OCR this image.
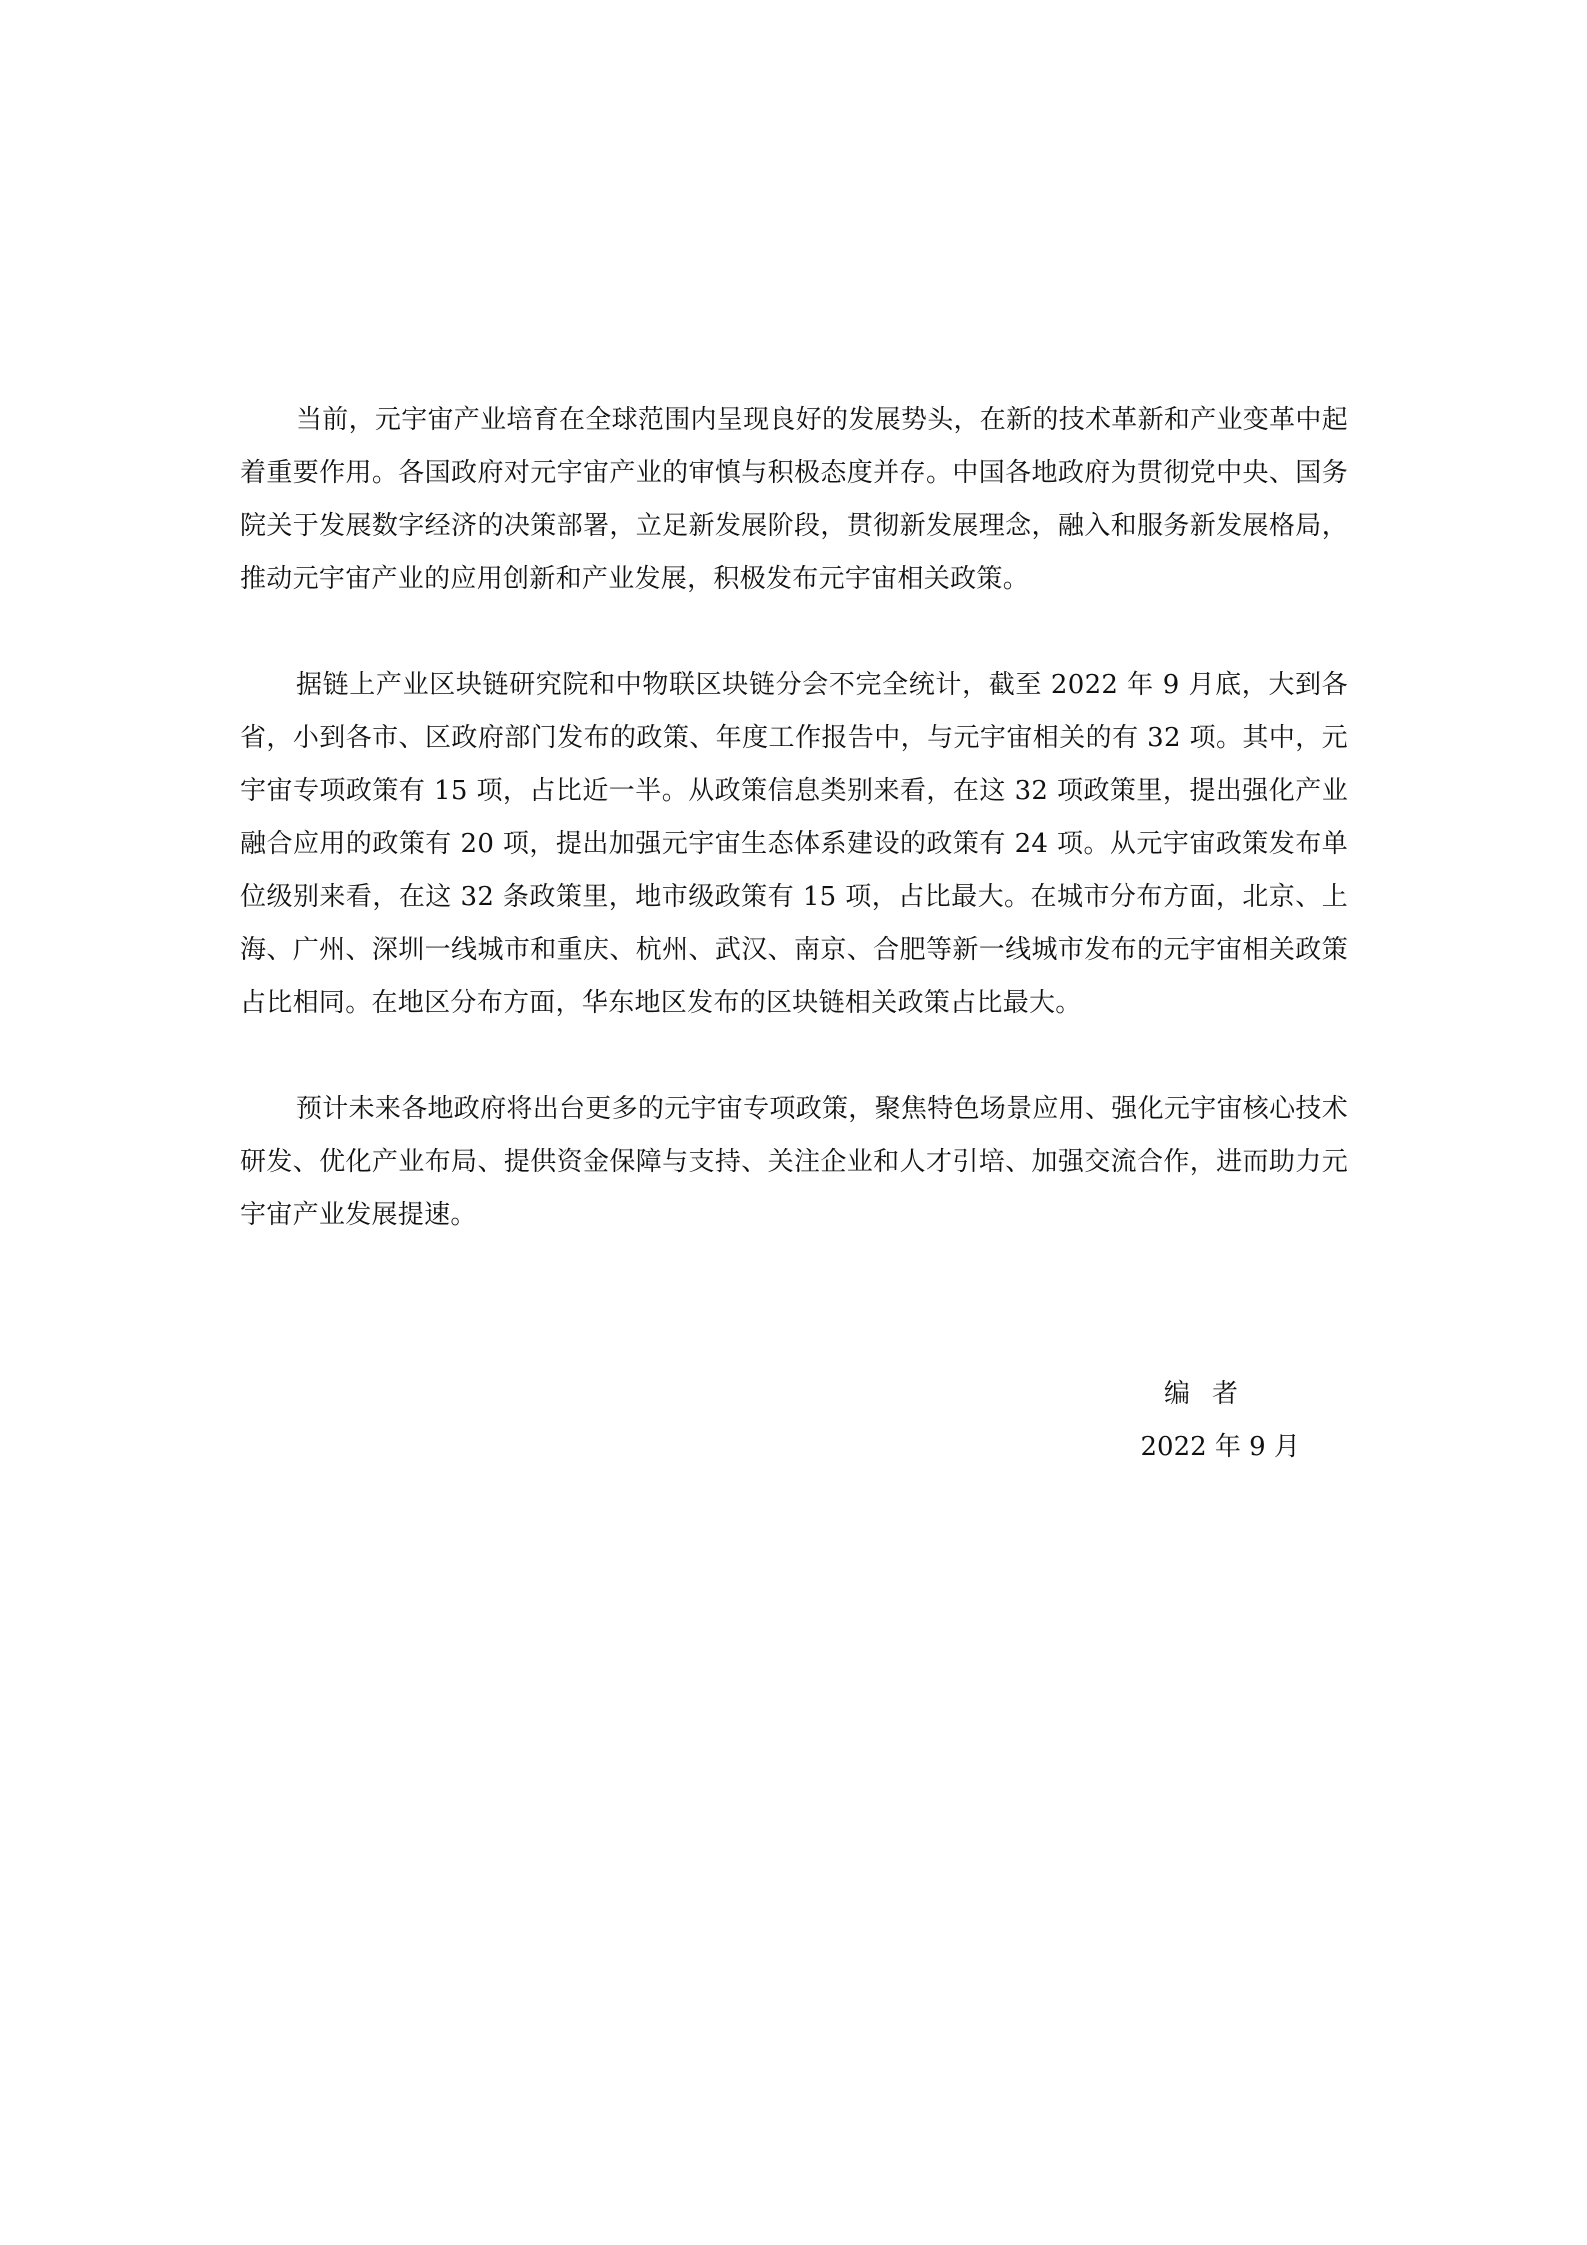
当前，元宇宙产业培育在全球范围内呈现良好的发展势头，在新的技术革新和产业变革中起着重要作用。各国政府对元宇宙产业的审慎与积极态度并存。中国各地政府为贯彻党中央、国务院关于发展数字经济的决策部署，立足新发展阶段，贯彻新发展理念，融入和服务新发展格局，推动元宇宙产业的应用创新和产业发展，积极发布元宇宙相关政策。

据链上产业区块链研究院和中物联区块链分会不完全统计，截至 2022 年 9 月底，大到各省，小到各市、区政府部门发布的政策、年度工作报告中，与元宇宙相关的有 32 项。其中，元宇宙专项政策有 15 项，占比近一半。从政策信息类别来看，在这 32 项政策里，提出强化产业融合应用的政策有 20 项，提出加强元宇宙生态体系建设的政策有 24 项。从元宇宙政策发布单位级别来看，在这 32 条政策里，地市级政策有 15 项，占比最大。在城市分布方面，北京、上海、广州、深圳一线城市和重庆、杭州、武汉、南京、合肥等新一线城市发布的元宇宙相关政策占比相同。在地区分布方面，华东地区发布的区块链相关政策占比最大。

预计未来各地政府将出台更多的元宇宙专项政策，聚焦特色场景应用、强化元宇宙核心技术研发、优化产业布局、提供资金保障与支持、关注企业和人才引培、加强交流合作，进而助力元宇宙产业发展提速。

编者
2022 年 9 月
